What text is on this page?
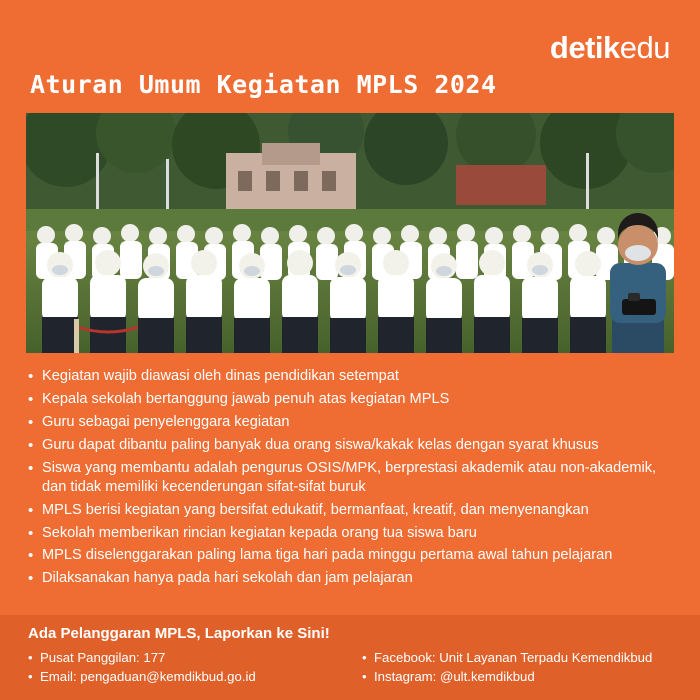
detikedu
Aturan Umum Kegiatan MPLS 2024
• Kegiatan wajib diawasi oleh dinas pendidikan setempat
• Kepala sekolah bertanggung jawab penuh atas kegiatan MPLS
• Guru sebagai penyelenggara kegiatan
• Guru dapat dibantu paling banyak dua orang siswa/kakak kelas dengan syarat khusus
• Siswa yang membantu adalah pengurus OSIS/MPK, berprestasi akademik atau non-akademik, dan tidak memiliki kecenderungan sifat-sifat buruk
• MPLS berisi kegiatan yang bersifat edukatif, bermanfaat, kreatif, dan menyenangkan
• Sekolah memberikan rincian kegiatan kepada orang tua siswa baru
• MPLS diselenggarakan paling lama tiga hari pada minggu pertama awal tahun pelajaran
• Dilaksanakan hanya pada hari sekolah dan jam pelajaran
Ada Pelanggaran MPLS, Laporkan ke Sini!
• Pusat Panggilan: 177
• Email: pengaduan@kemdikbud.go.id
• Facebook: Unit Layanan Terpadu Kemendikbud
• Instagram: @ult.kemdikbud
